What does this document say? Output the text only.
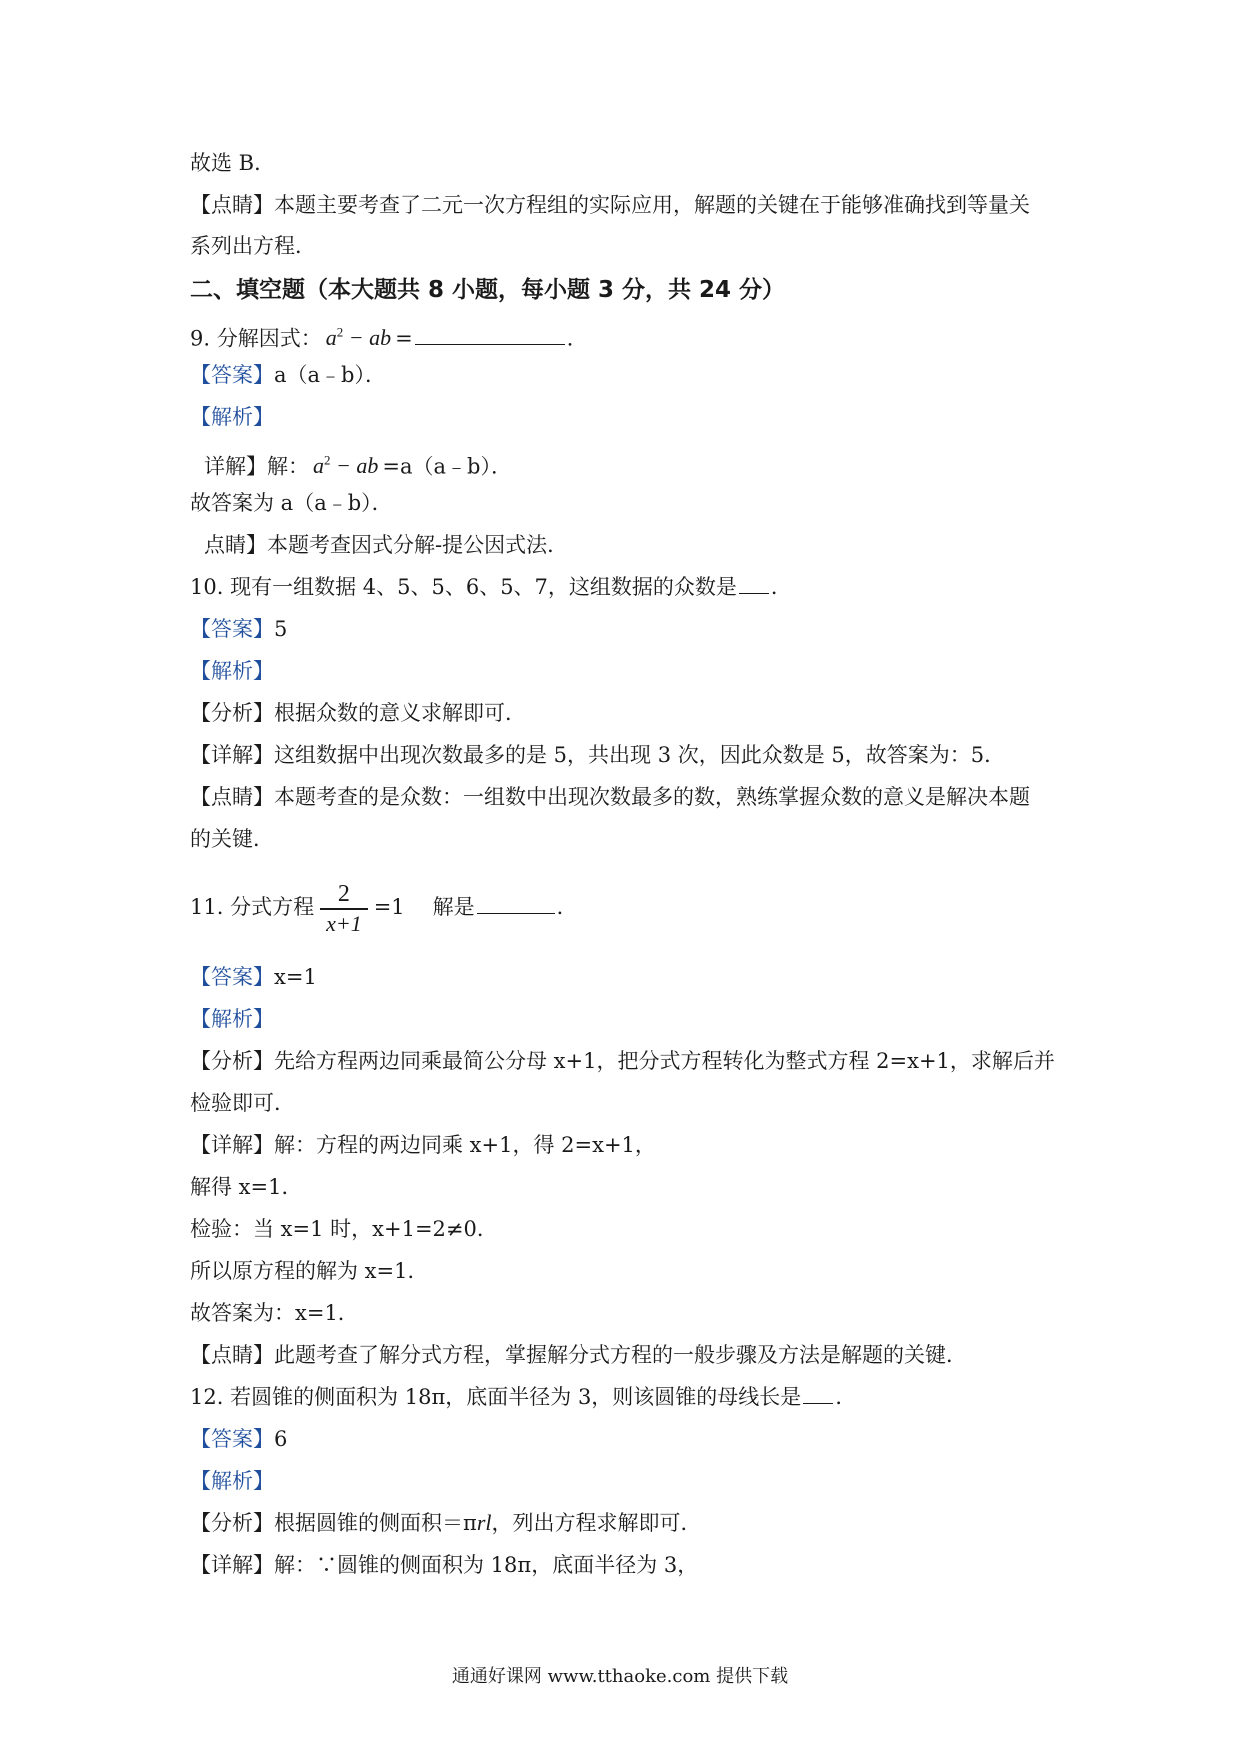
故选 B．
【点睛】本题主要考查了二元一次方程组的实际应用，解题的关键在于能够准确找到等量关
系列出方程．
二、填空题（本大题共 8 小题，每小题 3 分，共 24 分）
9. 分解因式： $a^2$ − ab =	．
【答案】a（a﹣b）．
【解析】
详解】解： $a^2$ − ab =a（a﹣b）．
故答案为 a（a﹣b）．
点睛】本题考查因式分解-提公因式法．
10. 现有一组数据 4、5、5、6、5、7，这组数据的众数是 ．
【答案】5
【解析】
【分析】根据众数的意义求解即可．
【详解】这组数据中出现次数最多的是 5，共出现 3 次，因此众数是 5，故答案为：5．
【点睛】本题考查的是众数：一组数中出现次数最多的数，熟练掌握众数的意义是解决本题
的关键．
11. 分式方程 $\frac{2}{x+1} =1$ 解是	．
【答案】x=1
【解析】
【分析】先给方程两边同乘最简公分母 x+1，把分式方程转化为整式方程 2=x+1，求解后并
检验即可．
【详解】解：方程的两边同乘 x+1，得 2=x+1，
解得 x=1．
检验：当 x=1 时，x+1=2≠0．
所以原方程的解为 x=1．
故答案为：x=1．
【点睛】此题考查了解分式方程，掌握解分式方程的一般步骤及方法是解题的关键．
12. 若圆锥的侧面积为 18π，底面半径为 3，则该圆锥的母线长是 ．
【答案】6
【解析】
【分析】根据圆锥的侧面积＝πrl，列出方程求解即可．
【详解】解：∵圆锥的侧面积为 18π，底面半径为 3，
通通好课网 www.tthaoke.com 提供下载
